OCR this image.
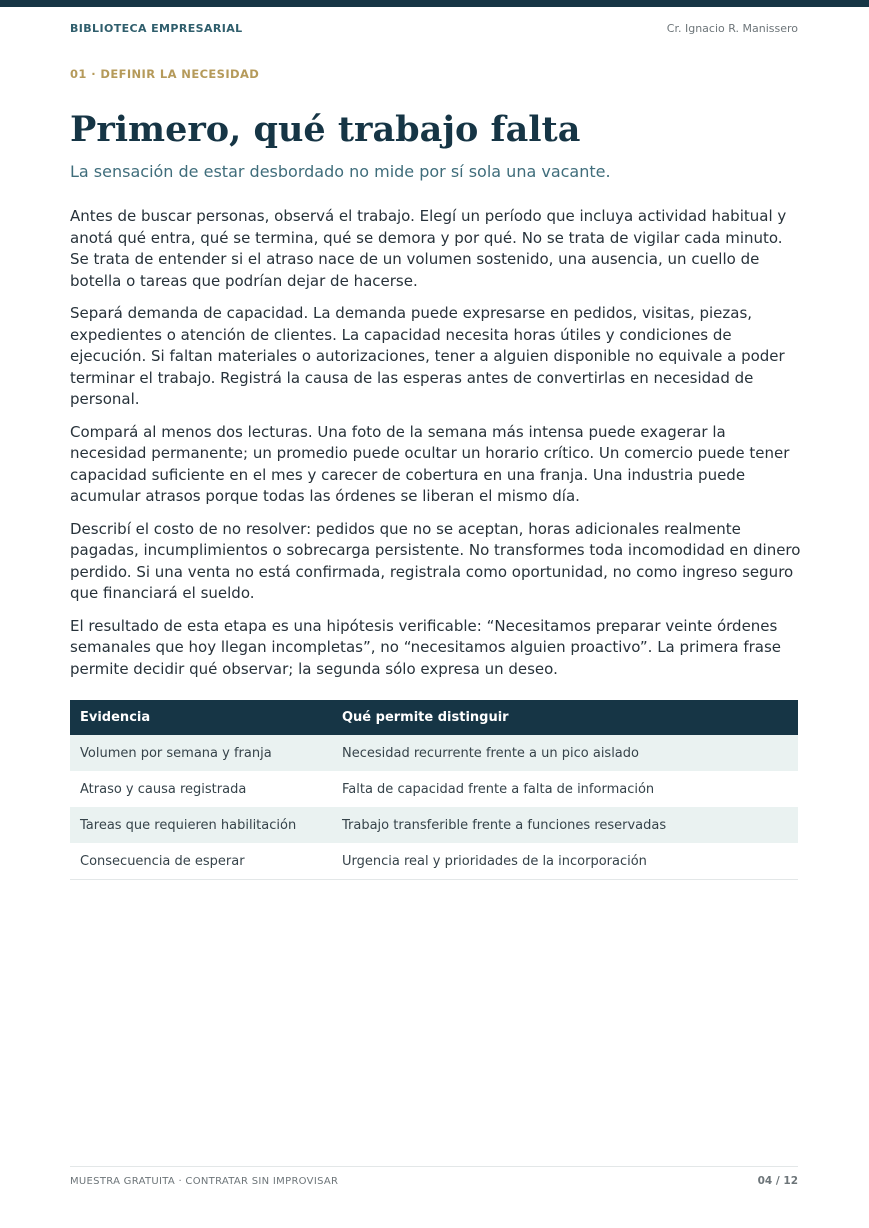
BIBLIOTECA EMPRESARIAL	Cr. Ignacio R. Manissero
01 · DEFINIR LA NECESIDAD
Primero, qué trabajo falta

La sensación de estar desbordado no mide por sí sola una vacante.

Antes de buscar personas, observá el trabajo. Elegí un período que incluya actividad habitual y anotá qué entra, qué se termina, qué se demora y por qué. No se trata de vigilar cada minuto. Se trata de entender si el atraso nace de un volumen sostenido, una ausencia, un cuello de botella o tareas que podrían dejar de hacerse.

Separá demanda de capacidad. La demanda puede expresarse en pedidos, visitas, piezas, expedientes o atención de clientes. La capacidad necesita horas útiles y condiciones de ejecución. Si faltan materiales o autorizaciones, tener a alguien disponible no equivale a poder terminar el trabajo. Registrá la causa de las esperas antes de convertirlas en necesidad de personal.

Compará al menos dos lecturas. Una foto de la semana más intensa puede exagerar la necesidad permanente; un promedio puede ocultar un horario crítico. Un comercio puede tener capacidad suficiente en el mes y carecer de cobertura en una franja. Una industria puede acumular atrasos porque todas las órdenes se liberan el mismo día.

Describí el costo de no resolver: pedidos que no se aceptan, horas adicionales realmente pagadas, incumplimientos o sobrecarga persistente. No transformes toda incomodidad en dinero perdido. Si una venta no está confirmada, registrala como oportunidad, no como ingreso seguro que financiará el sueldo.

El resultado de esta etapa es una hipótesis verificable: “Necesitamos preparar veinte órdenes semanales que hoy llegan incompletas”, no “necesitamos alguien proactivo”. La primera frase permite decidir qué observar; la segunda sólo expresa un deseo.

Evidencia	Qué permite distinguir
Volumen por semana y franja	Necesidad recurrente frente a un pico aislado
Atraso y causa registrada	Falta de capacidad frente a falta de información
Tareas que requieren habilitación	Trabajo transferible frente a funciones reservadas
Consecuencia de esperar	Urgencia real y prioridades de la incorporación
MUESTRA GRATUITA · CONTRATAR SIN IMPROVISAR	04 / 12
